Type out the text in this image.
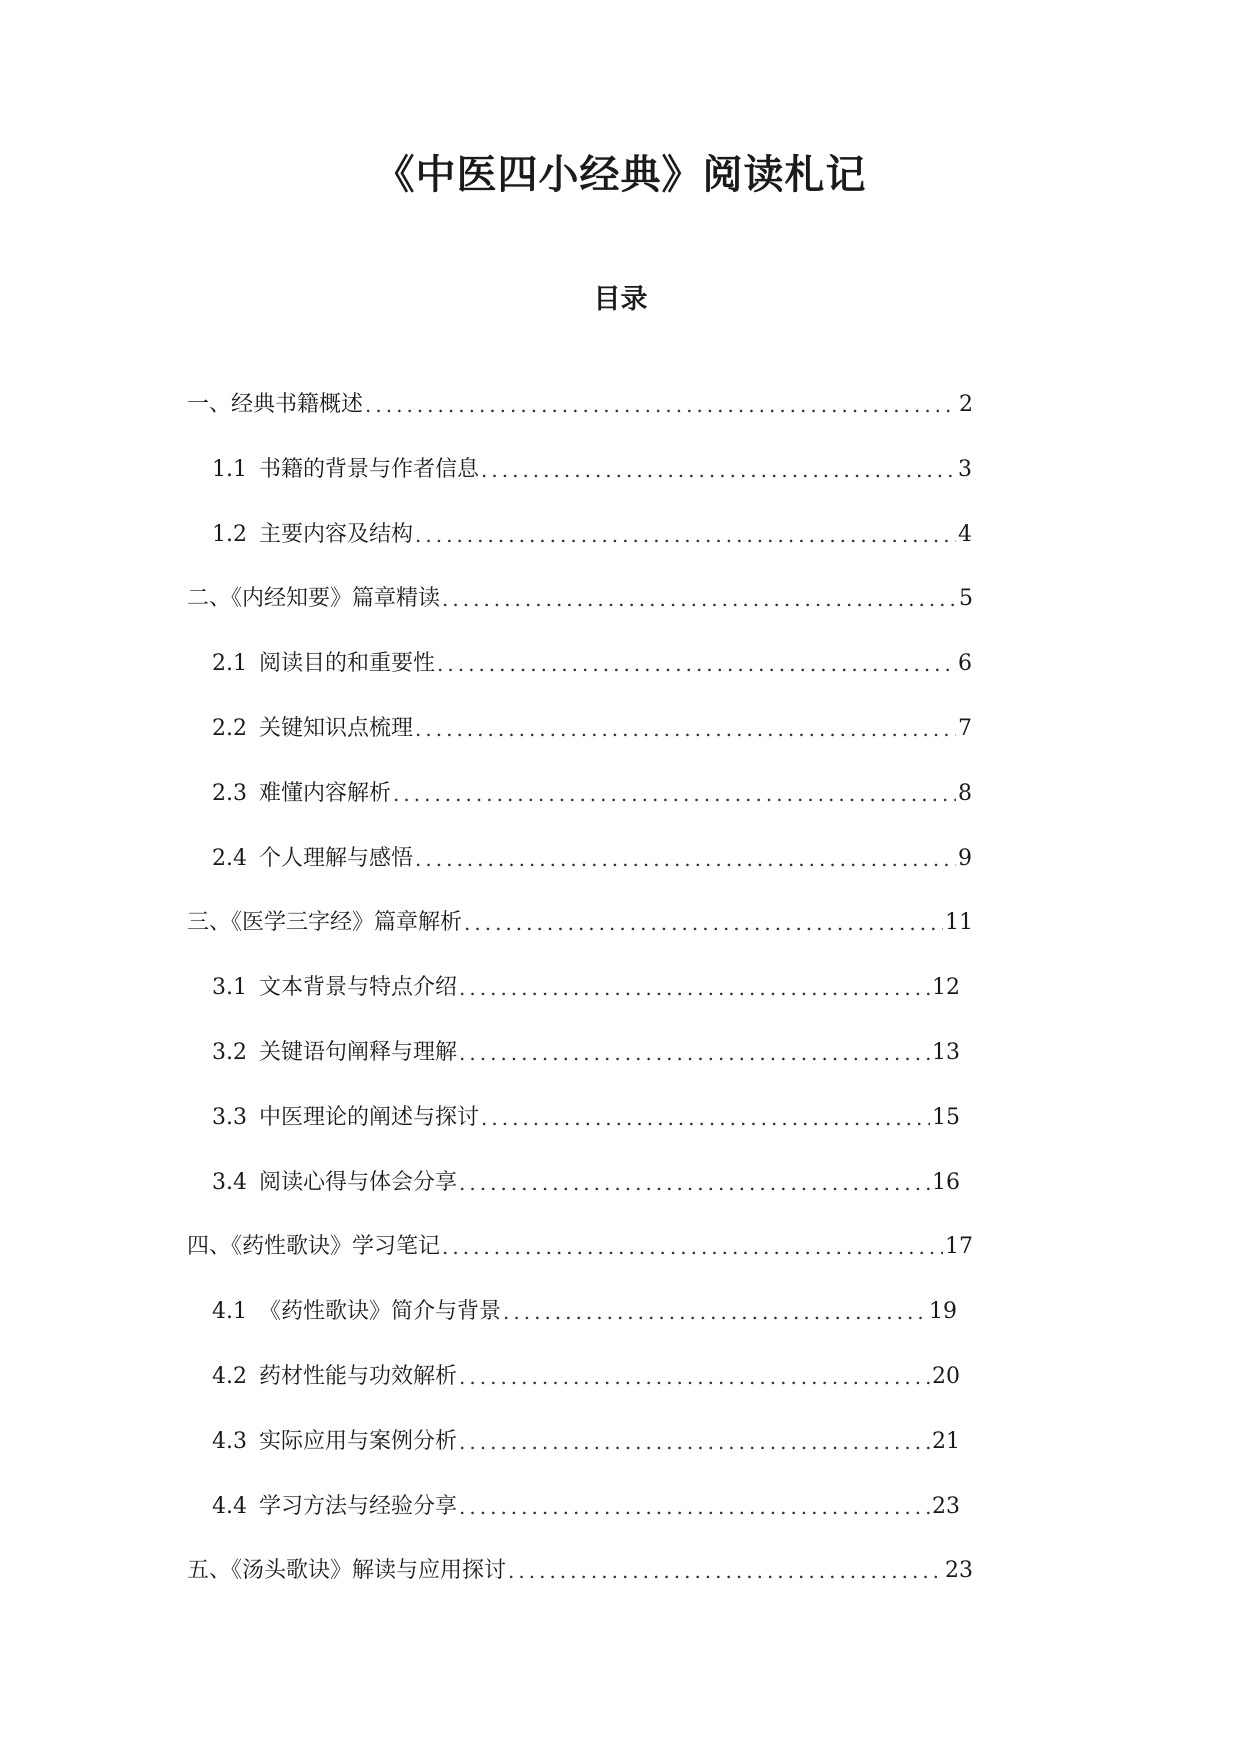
《中医四小经典》阅读札记
目录
一、经典书籍概述 .....	2
1.1 书籍的背景与作者信息 .....	3
1.2 主要内容及结构 .....	4
二、《内经知要》篇章精读 .....	5
2.1 阅读目的和重要性 .....	6
2.2 关键知识点梳理 .....	7
2.3 难懂内容解析 .....	8
2.4 个人理解与感悟 .....	9
三、《医学三字经》篇章解析 .....	11
3.1 文本背景与特点介绍 .....	12
3.2 关键语句阐释与理解 .....	13
3.3 中医理论的阐述与探讨 .....	15
3.4 阅读心得与体会分享 .....	16
四、《药性歌诀》学习笔记 .....	17
4.1 《药性歌诀》简介与背景 .....	19
4.2 药材性能与功效解析 .....	20
4.3 实际应用与案例分析 .....	21
4.4 学习方法与经验分享 .....	23
五、《汤头歌诀》解读与应用探讨 .....	23
